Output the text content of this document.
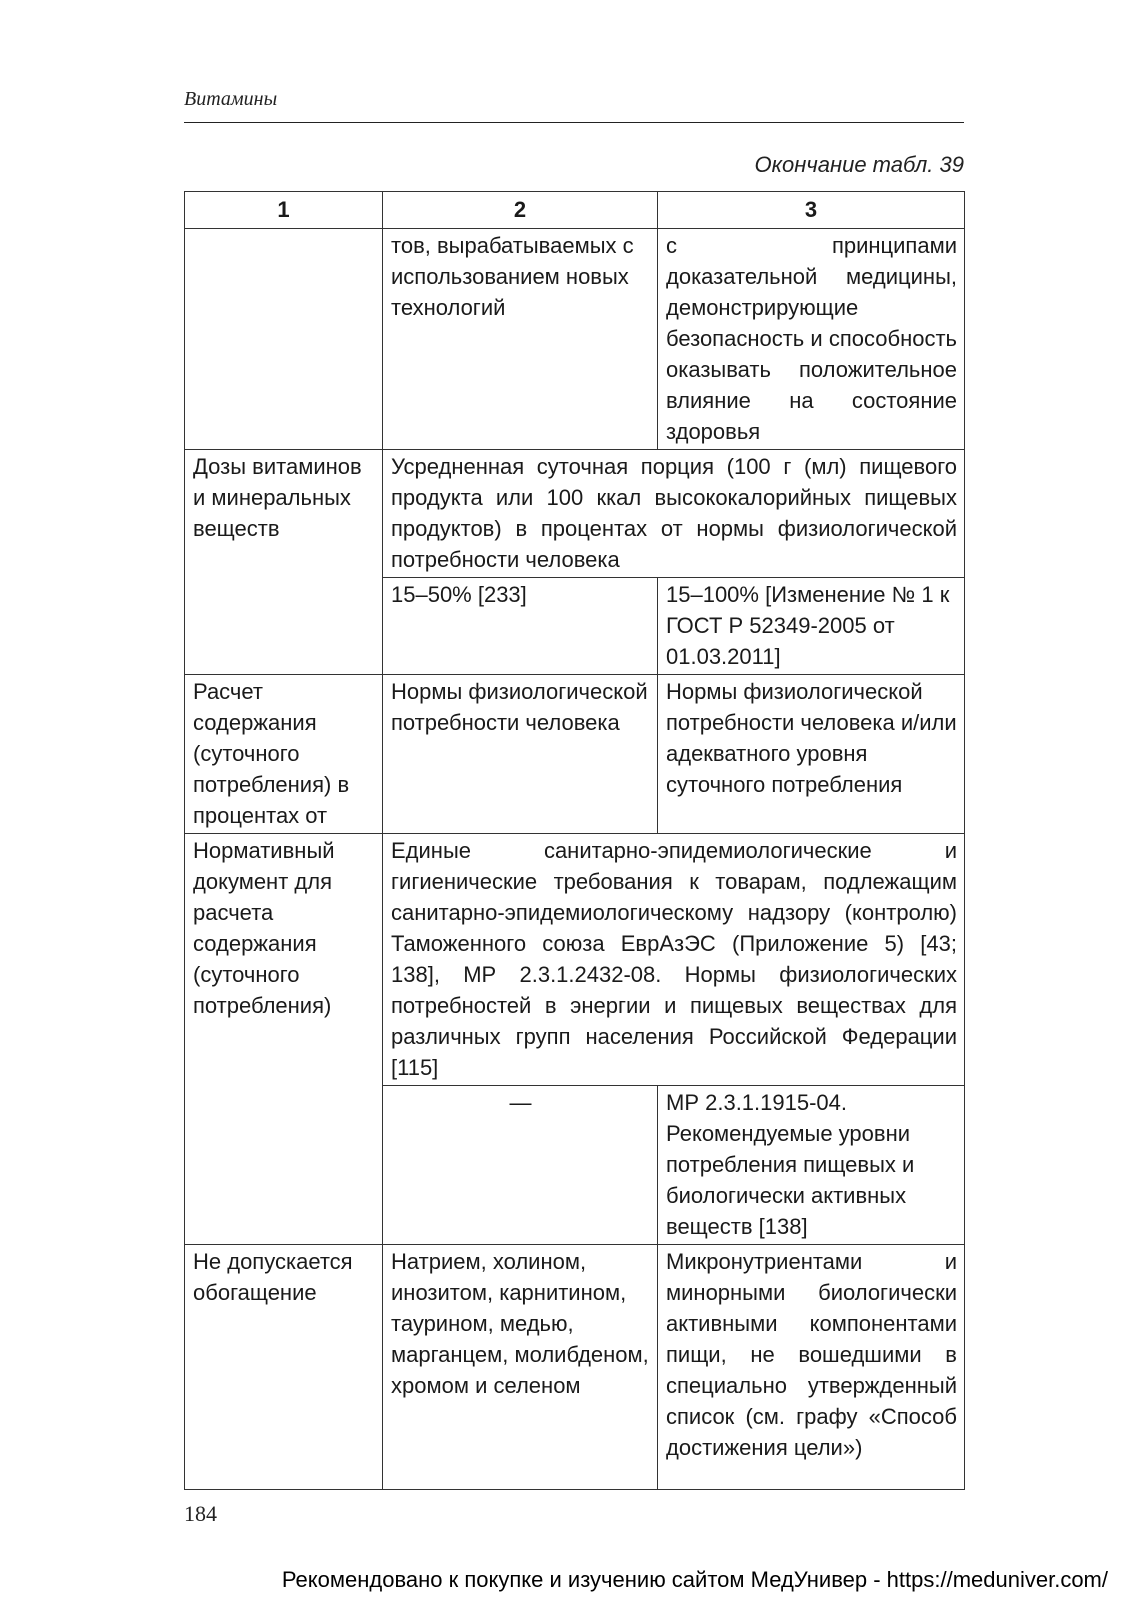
Витамины
Окончание табл. 39
1	2	3
	тов, вырабатываемых с использованием новых технологий	с принципами доказательной медицины, демонстрирующие безопасность и способность оказывать положительное влияние на состояние здоровья
Дозы витаминов и минеральных веществ	Усредненная суточная порция (100 г (мл) пищевого продукта или 100 ккал высококалорийных пищевых продуктов) в процентах от нормы физиологической потребности человека	
	15–50% [233]	15–100% [Изменение № 1 к ГОСТ Р 52349-2005 от 01.03.2011]
Расчет содержания (суточного потребления) в процентах от	Нормы физиологической потребности человека	Нормы физиологической потребности человека и/или адекватного уровня суточного потребления
Нормативный документ для расчета содержания (суточного потребления)	Единые санитарно-эпидемиологические и гигиенические требования к товарам, подлежащим санитарно-эпидемиологическому надзору (контролю) Таможенного союза ЕврАзЭС (Приложение 5) [43; 138], МР 2.3.1.2432-08. Нормы физиологических потребностей в энергии и пищевых веществах для различных групп населения Российской Федерации [115]	
	—	МР 2.3.1.1915-04. Рекомендуемые уровни потребления пищевых и биологически активных веществ [138]
Не допускается обогащение	Натрием, холином, инозитом, карнитином, таурином, медью, марганцем, молибденом, хромом и селеном	Микронутриентами и минорными биологически активными компонентами пищи, не вошедшими в специально утвержденный список (см. графу «Способ достижения цели»)
184
Рекомендовано к покупке и изучению сайтом МедУнивер - https://meduniver.com/
